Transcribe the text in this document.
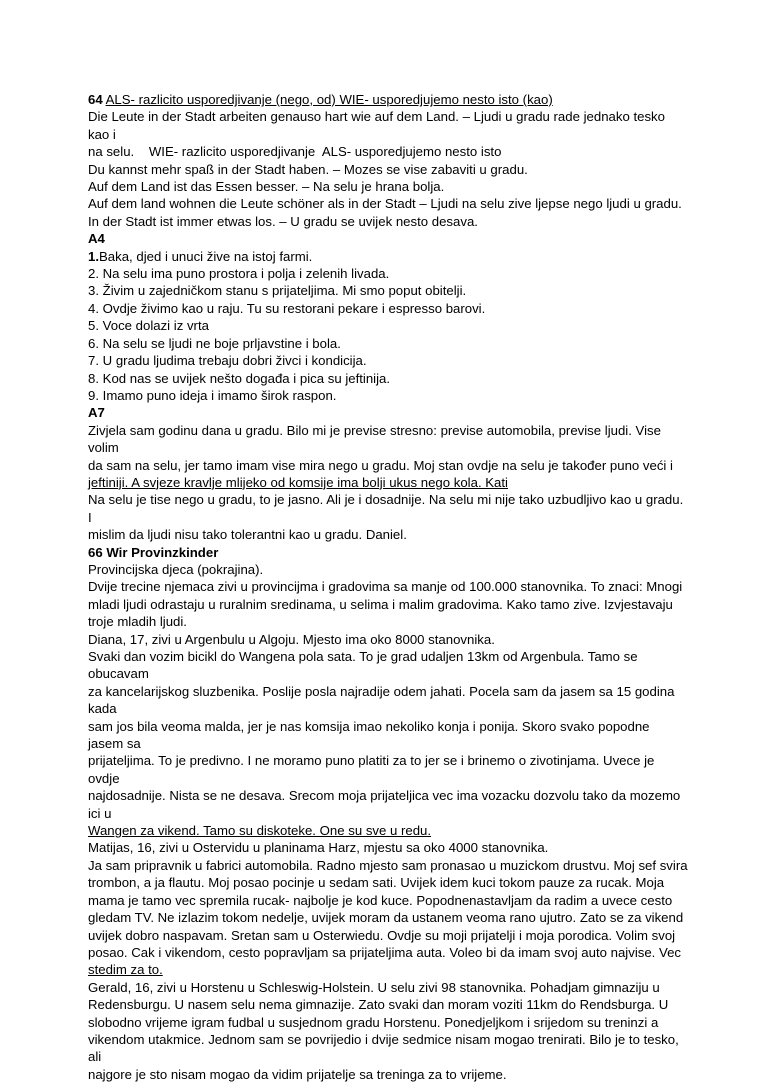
64 ALS- razlicito usporedjivanje (nego, od) WIE- usporedjujemo nesto isto (kao)

Die Leute in der Stadt arbeiten genauso hart wie auf dem Land. – Ljudi u gradu rade jednako tesko kao i

na selu.    WIE- razlicito usporedjivanje  ALS- usporedjujemo nesto isto

Du kannst mehr spaß in der Stadt haben. – Mozes se vise zabaviti u gradu.

Auf dem Land ist das Essen besser. – Na selu je hrana bolja.

Auf dem land wohnen die Leute schöner als in der Stadt – Ljudi na selu zive ljepse nego ljudi u gradu.

In der Stadt ist immer etwas los. – U gradu se uvijek nesto desava.

A4

1.Baka, djed i unuci žive na istoj farmi.

2. Na selu ima puno prostora i polja i zelenih livada.

3. Živim u zajedničkom stanu s prijateljima. Mi smo poput obitelji.

4. Ovdje živimo kao u raju. Tu su restorani pekare i espresso barovi.

5. Voce dolazi iz vrta

6. Na selu se ljudi ne boje prljavstine i bola.

7. U gradu ljudima trebaju dobri živci i kondicija.

8. Kod nas se uvijek nešto događa i pica su jeftinija.

9. Imamo puno ideja i imamo širok raspon.

A7

Zivjela sam godinu dana u gradu. Bilo mi je previse stresno: previse automobila, previse ljudi. Vise volim

da sam na selu, jer tamo imam vise mira nego u gradu. Moj stan ovdje na selu je također puno veći i

jeftiniji. A svjeze kravlje mlijeko od komsije ima bolji ukus nego kola. Kati

Na selu je tise nego u gradu, to je jasno. Ali je i dosadnije. Na selu mi nije tako uzbudljivo kao u gradu. I

mislim da ljudi nisu tako tolerantni kao u gradu. Daniel.

66 Wir Provinzkinder

Provincijska djeca (pokrajina).

Dvije trecine njemaca zivi u provincijma i gradovima sa manje od 100.000 stanovnika. To znaci: Mnogi

mladi ljudi odrastaju u ruralnim sredinama, u selima i malim gradovima. Kako tamo zive. Izvjestavaju

troje mladih ljudi.

Diana, 17, zivi u Argenbulu u Algoju. Mjesto ima oko 8000 stanovnika.

Svaki dan vozim bicikl do Wangena pola sata. To je grad udaljen 13km od Argenbula. Tamo se obucavam

za kancelarijskog sluzbenika. Poslije posla najradije odem jahati. Pocela sam da jasem sa 15 godina kada

sam jos bila veoma malda, jer je nas komsija imao nekoliko konja i ponija. Skoro svako popodne jasem sa

prijateljima. To je predivno. I ne moramo puno platiti za to jer se i brinemo o zivotinjama. Uvece je ovdje

najdosadnije. Nista se ne desava. Srecom moja prijateljica vec ima vozacku dozvolu tako da mozemo ici u

Wangen za vikend. Tamo su diskoteke. One su sve u redu.

Matijas, 16, zivi u Ostervidu u planinama Harz, mjestu sa oko 4000 stanovnika.

Ja sam pripravnik u fabrici automobila. Radno mjesto sam pronasao u muzickom drustvu. Moj sef svira

trombon, a ja flautu. Moj posao pocinje u sedam sati. Uvijek idem kuci tokom pauze za rucak. Moja

mama je tamo vec spremila rucak- najbolje je kod kuce. Popodnenastavljam da radim a uvece cesto

gledam TV. Ne izlazim tokom nedelje, uvijek moram da ustanem veoma rano ujutro. Zato se za vikend

uvijek dobro naspavam. Sretan sam u Osterwiedu. Ovdje su moji prijatelji i moja porodica. Volim svoj

posao. Cak i vikendom, cesto popravljam sa prijateljima auta. Voleo bi da imam svoj auto najvise. Vec

stedim za to.

Gerald, 16, zivi u Horstenu u Schleswig-Holstein. U selu zivi 98 stanovnika. Pohadjam gimnaziju u

Redensburgu. U nasem selu nema gimnazije. Zato svaki dan moram voziti 11km do Rendsburga. U

slobodno vrijeme igram fudbal u susjednom gradu Horstenu. Ponedjeljkom i srijedom su treninzi a

vikendom utakmice. Jednom sam se povrijedio i dvije sedmice nisam mogao trenirati. Bilo je to tesko, ali

najgore je sto nisam mogao da vidim prijatelje sa treninga za to vrijeme.
